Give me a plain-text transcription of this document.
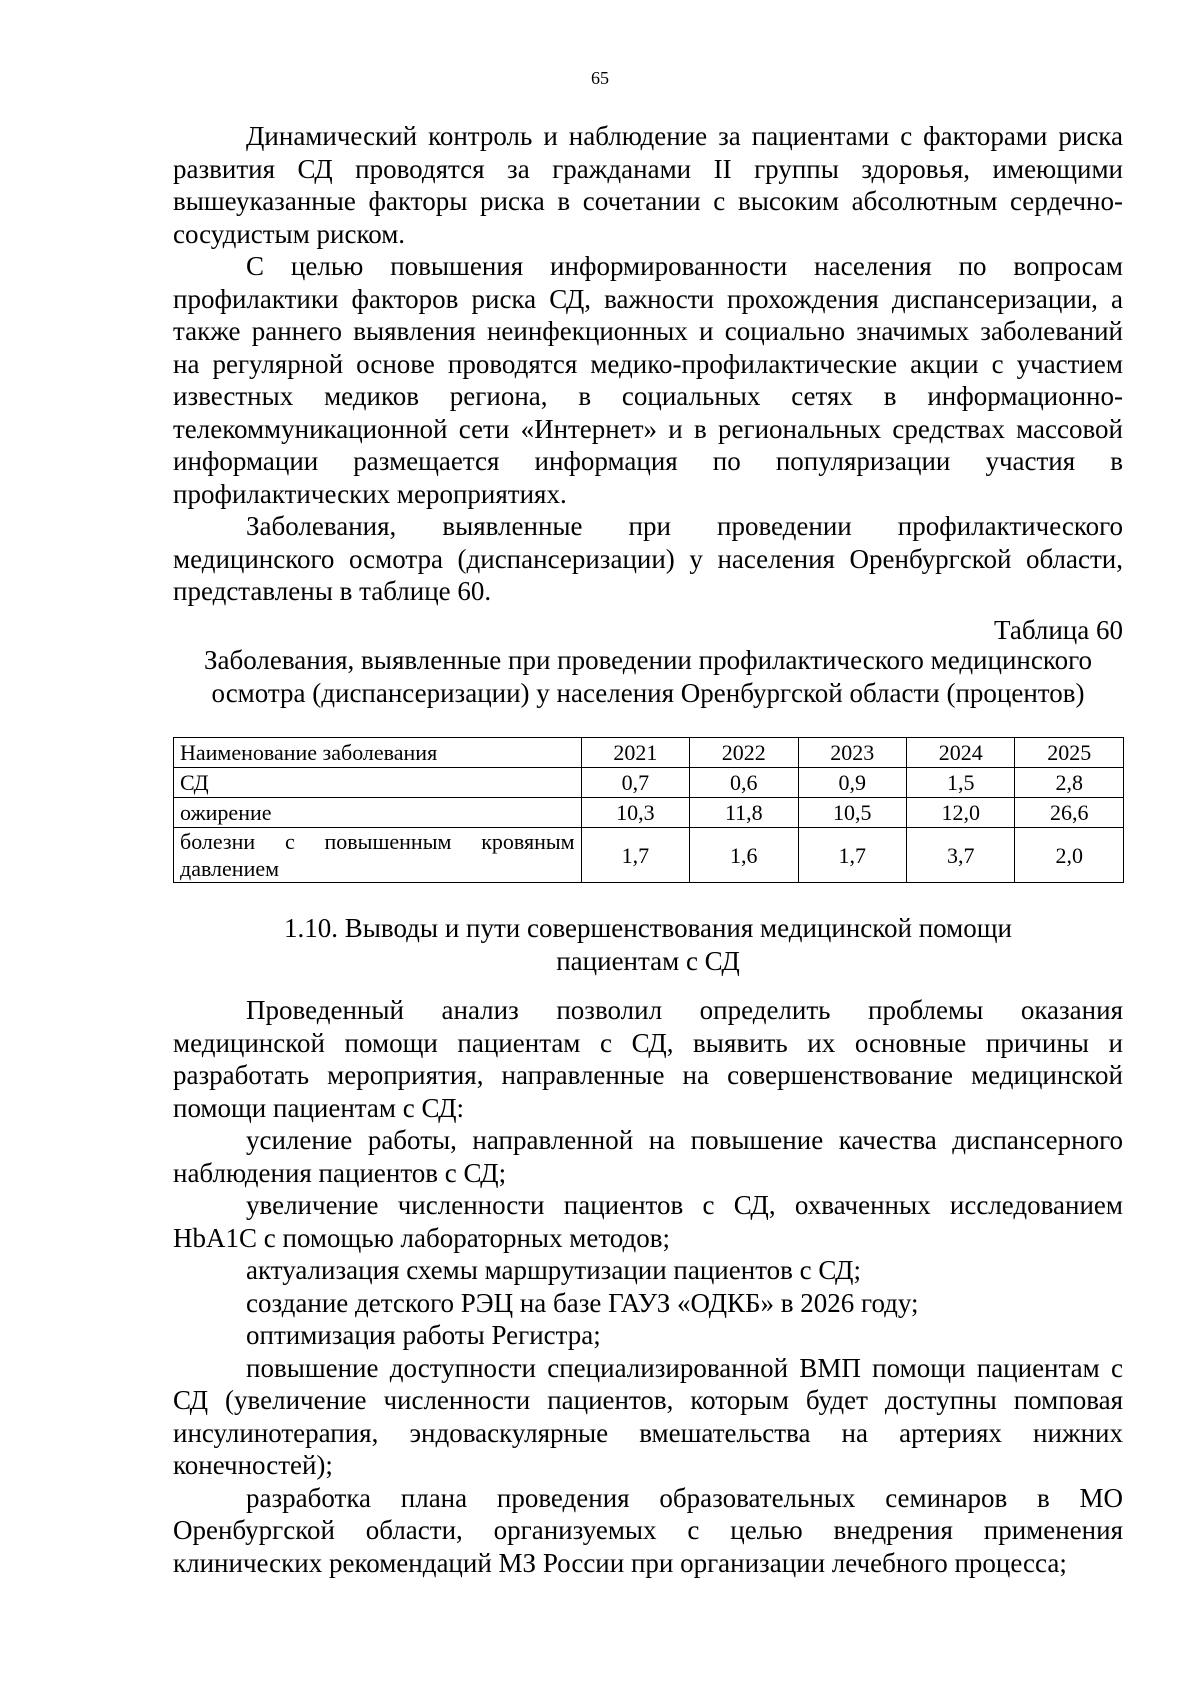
65

Динамический контроль и наблюдение за пациентами с факторами риска развития СД проводятся за гражданами II группы здоровья, имеющими вышеуказанные факторы риска в сочетании с высоким абсолютным сердечно-сосудистым риском.

С целью повышения информированности населения по вопросам профилактики факторов риска СД, важности прохождения диспансеризации, а также раннего выявления неинфекционных и социально значимых заболеваний на регулярной основе проводятся медико-профилактические акции с участием известных медиков региона, в социальных сетях в информационно-телекоммуникационной сети «Интернет» и в региональных средствах массовой информации размещается информация по популяризации участия в профилактических мероприятиях.

Заболевания, выявленные при проведении профилактического медицинского осмотра (диспансеризации) у населения Оренбургской области, представлены в таблице 60.

Таблица 60

Заболевания, выявленные при проведении профилактического медицинского
осмотра (диспансеризации) у населения Оренбургской области (процентов)
Наименование заболевания	2021	2022	2023	2024	2025
СД	0,7	0,6	0,9	1,5	2,8
ожирение	10,3	11,8	10,5	12,0	26,6
болезни с повышенным кровяным давлением	1,7	1,6	1,7	3,7	2,0
1.10. Выводы и пути совершенствования медицинской помощи
пациентам с СД

Проведенный анализ позволил определить проблемы оказания медицинской помощи пациентам с СД, выявить их основные причины и разработать мероприятия, направленные на совершенствование медицинской помощи пациентам с СД:

усиление работы, направленной на повышение качества диспансерного наблюдения пациентов с СД;

увеличение численности пациентов с СД, охваченных исследованием HbA1C с помощью лабораторных методов;

актуализация схемы маршрутизации пациентов с СД;

создание детского РЭЦ на базе ГАУЗ «ОДКБ» в 2026 году;

оптимизация работы Регистра;

повышение доступности специализированной ВМП помощи пациентам с СД (увеличение численности пациентов, которым будет доступны помповая инсулинотерапия, эндоваскулярные вмешательства на артериях нижних конечностей);

разработка плана проведения образовательных семинаров в МО Оренбургской области, организуемых с целью внедрения применения клинических рекомендаций МЗ России при организации лечебного процесса;
